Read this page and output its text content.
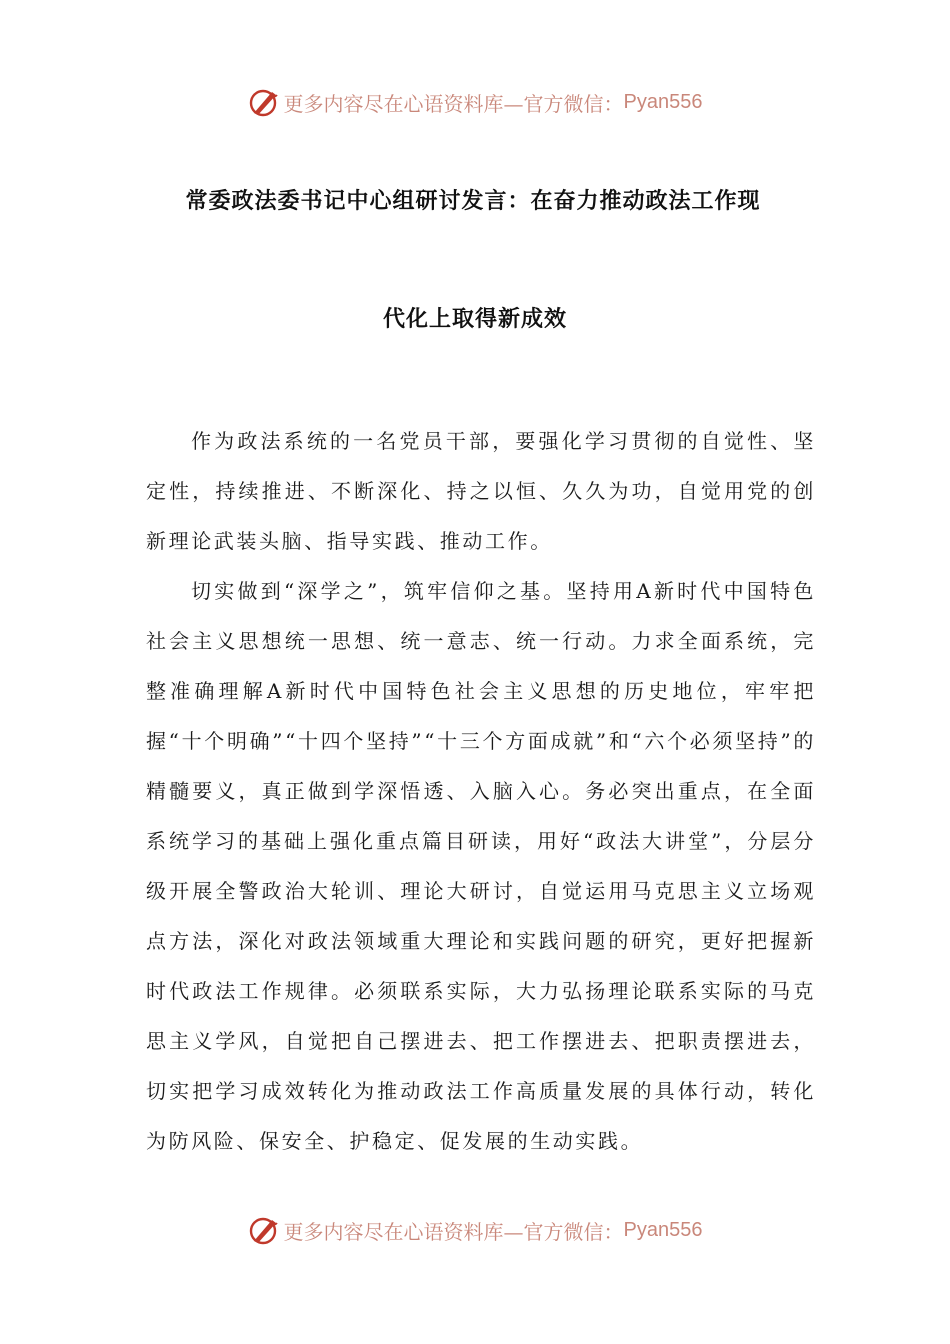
更多内容尽在心语资料库—官方微信： Pyan556
常委政法委书记中心组研讨发言：在奋力推动政法工作现
代化上取得新成效

作为政法系统的一名党员干部，要强化学习贯彻的自觉性、坚定性，持续推进、不断深化、持之以恒、久久为功，自觉用党的创新理论武装头脑、指导实践、推动工作。

切实做到“深学之”，筑牢信仰之基。坚持用A新时代中国特色社会主义思想统一思想、统一意志、统一行动。力求全面系统，完整准确理解A新时代中国特色社会主义思想的历史地位，牢牢把握“十个明确”“十四个坚持”“十三个方面成就”和“六个必须坚持”的精髓要义，真正做到学深悟透、入脑入心。务必突出重点，在全面系统学习的基础上强化重点篇目研读，用好“政法大讲堂”，分层分级开展全警政治大轮训、理论大研讨，自觉运用马克思主义立场观点方法，深化对政法领域重大理论和实践问题的研究，更好把握新时代政法工作规律。必须联系实际，大力弘扬理论联系实际的马克思主义学风，自觉把自己摆进去、把工作摆进去、把职责摆进去，切实把学习成效转化为推动政法工作高质量发展的具体行动，转化为防风险、保安全、护稳定、促发展的生动实践。

更多内容尽在心语资料库—官方微信： Pyan556
